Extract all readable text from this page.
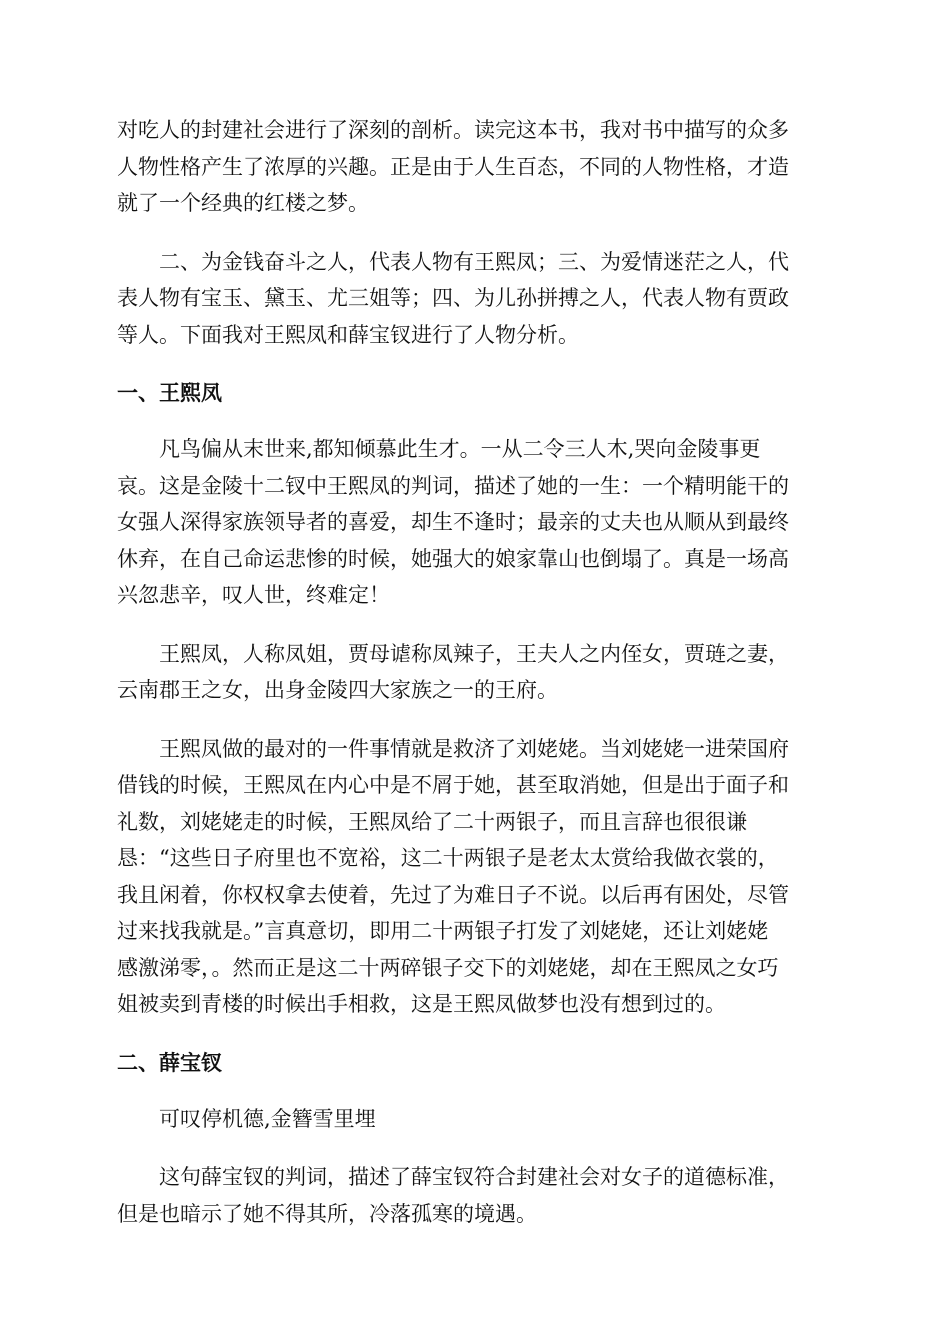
对吃人的封建社会进行了深刻的剖析。读完这本书，我对书中描写的众多
人物性格产生了浓厚的兴趣。正是由于人生百态，不同的人物性格，才造
就了一个经典的红楼之梦。

二、为金钱奋斗之人，代表人物有王熙凤；三、为爱情迷茫之人，代
表人物有宝玉、黛玉、尤三姐等；四、为儿孙拼搏之人，代表人物有贾政
等人。下面我对王熙凤和薛宝钗进行了人物分析。

一、王熙凤

凡鸟偏从末世来,都知倾慕此生才。一从二令三人木,哭向金陵事更
哀。这是金陵十二钗中王熙凤的判词，描述了她的一生：一个精明能干的
女强人深得家族领导者的喜爱，却生不逢时；最亲的丈夫也从顺从到最终
休弃，在自己命运悲惨的时候，她强大的娘家靠山也倒塌了。真是一场高
兴忽悲辛，叹人世，终难定！

王熙凤，人称凤姐，贾母谑称凤辣子，王夫人之内侄女，贾琏之妻，
云南郡王之女，出身金陵四大家族之一的王府。

王熙凤做的最对的一件事情就是救济了刘姥姥。当刘姥姥一进荣国府
借钱的时候，王熙凤在内心中是不屑于她，甚至取消她，但是出于面子和
礼数，刘姥姥走的时候，王熙凤给了二十两银子，而且言辞也很很谦
恳：“这些日子府里也不宽裕，这二十两银子是老太太赏给我做衣裳的，
我且闲着，你权权拿去使着，先过了为难日子不说。以后再有困处，尽管
过来找我就是。”言真意切，即用二十两银子打发了刘姥姥，还让刘姥姥
感激涕零，。然而正是这二十两碎银子交下的刘姥姥，却在王熙凤之女巧
姐被卖到青楼的时候出手相救，这是王熙凤做梦也没有想到过的。

二、薛宝钗

可叹停机德,金簪雪里埋

这句薛宝钗的判词，描述了薛宝钗符合封建社会对女子的道德标准，
但是也暗示了她不得其所，冷落孤寒的境遇。
